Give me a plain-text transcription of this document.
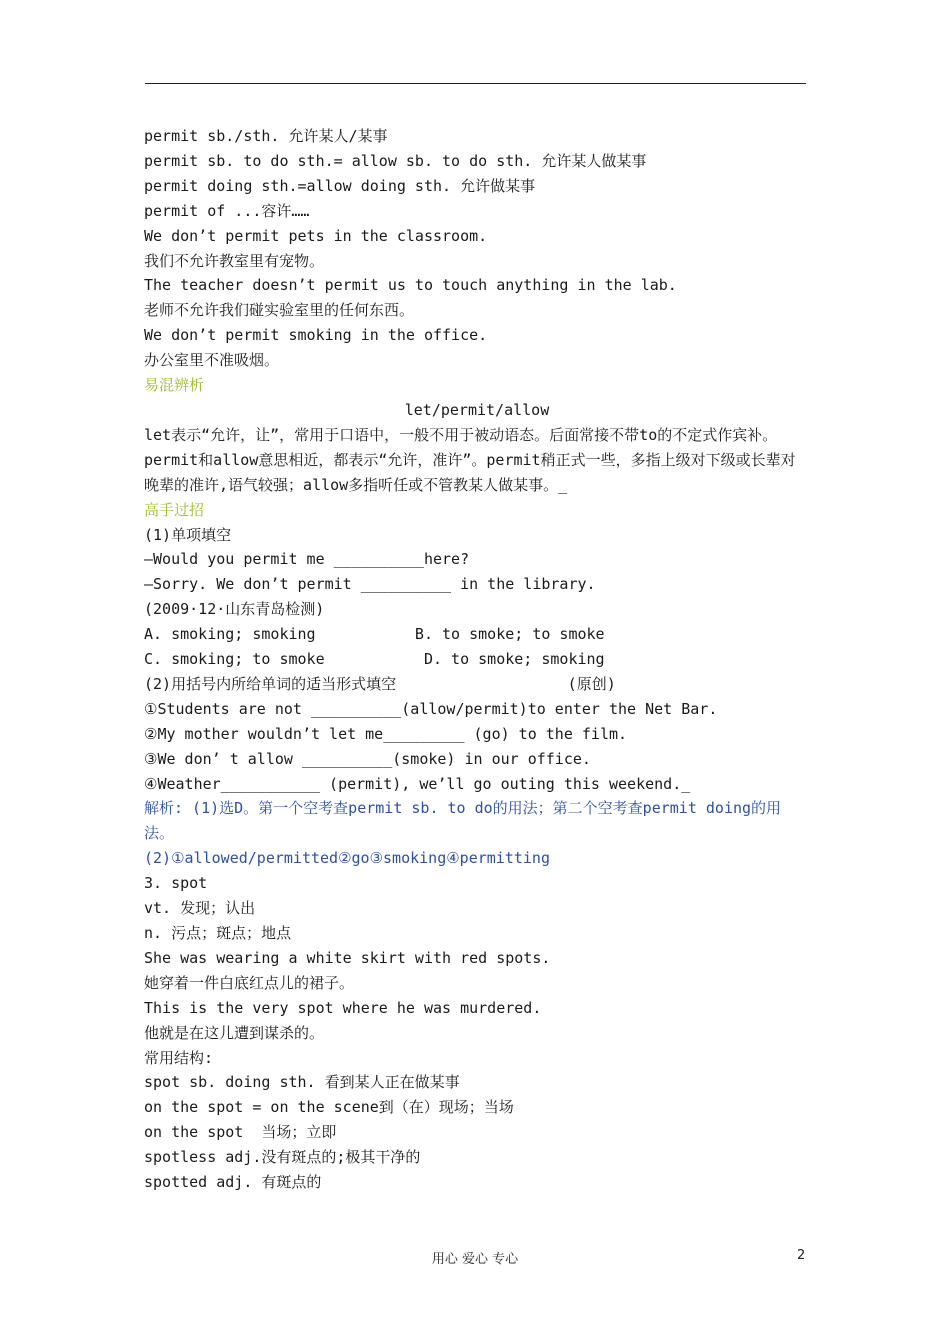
permit sb./sth. 允许某人/某事
permit sb. to do sth.= allow sb. to do sth. 允许某人做某事
permit doing sth.=allow doing sth. 允许做某事
permit of ...容许……
We don’t permit pets in the classroom.
我们不允许教室里有宠物。
The teacher doesn’t permit us to touch anything in the lab.
老师不允许我们碰实验室里的任何东西。
We don’t permit smoking in the office.
办公室里不准吸烟。
易混辨析
let/permit/allow
let表示“允许，让”，常用于口语中，一般不用于被动语态。后面常接不带to的不定式作宾补。
permit和allow意思相近，都表示“允许，准许”。permit稍正式一些，多指上级对下级或长辈对晚辈的准许,语气较强；allow多指听任或不管教某人做某事。_
高手过招
(1)单项填空
—Would you permit me __________here?
—Sorry. We don’t permit __________ in the library.
(2009·12·山东青岛检测)
A. smoking; smoking           B. to smoke; to smoke
C. smoking; to smoke           D. to smoke; smoking
(2)用括号内所给单词的适当形式填空                   (原创)
①Students are not __________(allow/permit)to enter the Net Bar.
②My mother wouldn’t let me_________ (go) to the film.
③We don’ t allow __________(smoke) in our office.
④Weather___________ (permit), we’ll go outing this weekend._
解析: (1)选D。第一个空考查permit sb. to do的用法；第二个空考查permit doing的用法。
(2)①allowed/permitted②go③smoking④permitting
3. spot
vt. 发现；认出
n. 污点；斑点；地点
She was wearing a white skirt with red spots.
她穿着一件白底红点儿的裙子。
This is the very spot where he was murdered.
他就是在这儿遭到谋杀的。
常用结构:
spot sb. doing sth. 看到某人正在做某事
on the spot = on the scene到（在）现场；当场
on the spot  当场；立即
spotless adj.没有斑点的;极其干净的
spotted adj. 有斑点的
用心 爱心 专心	2
